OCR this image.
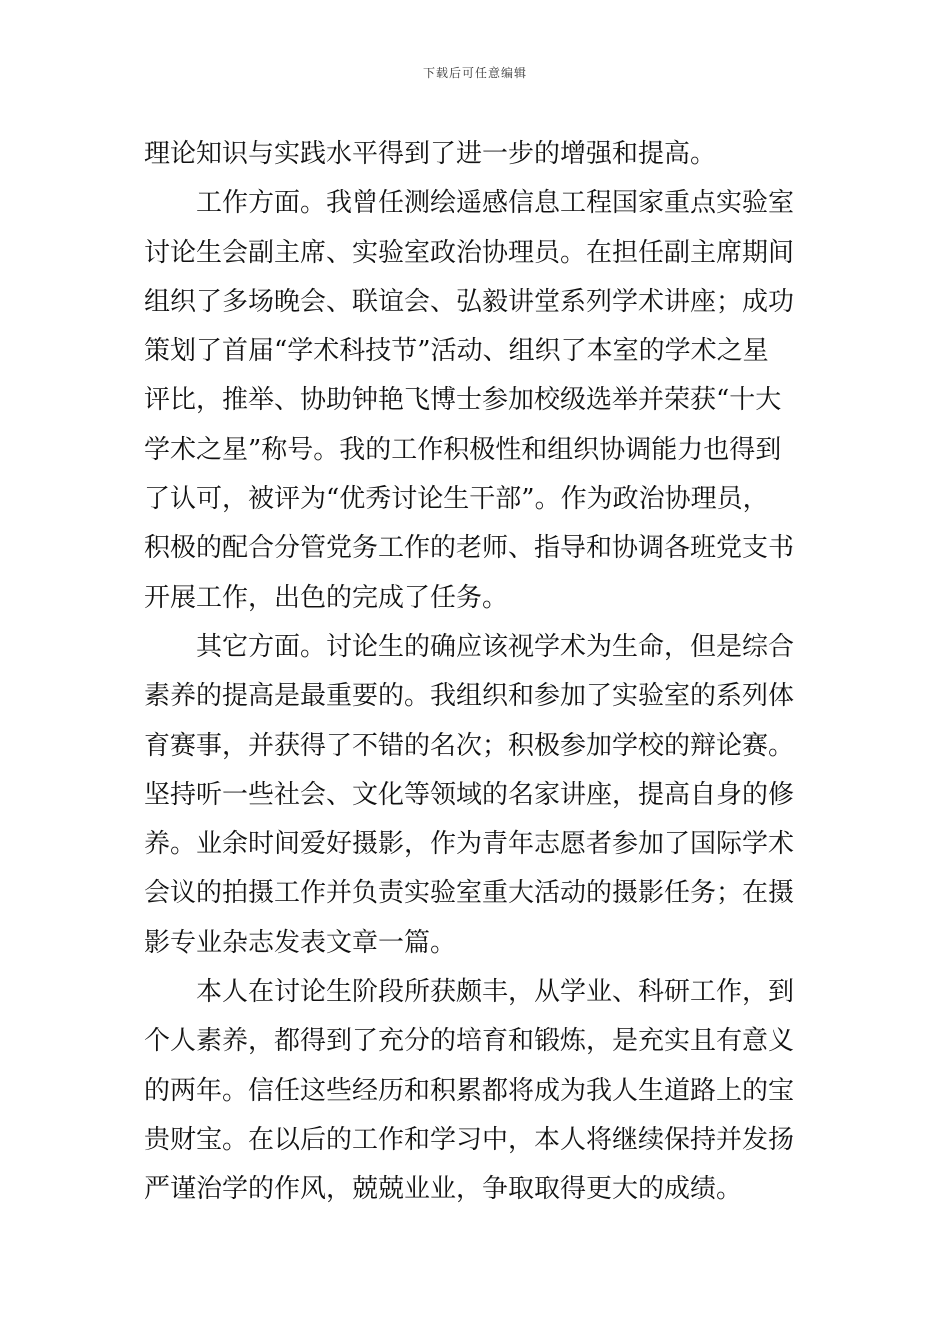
下载后可任意编辑
理论知识与实践水平得到了进一步的增强和提高。
　　工作方面。我曾任测绘遥感信息工程国家重点实验室
讨论生会副主席、实验室政治协理员。在担任副主席期间
组织了多场晚会、联谊会、弘毅讲堂系列学术讲座；成功
策划了首届“学术科技节”活动、组织了本室的学术之星
评比，推举、协助钟艳飞博士参加校级选举并荣获“十大
学术之星”称号。我的工作积极性和组织协调能力也得到
了认可，被评为“优秀讨论生干部”。作为政治协理员，
积极的配合分管党务工作的老师、指导和协调各班党支书
开展工作，出色的完成了任务。
　　其它方面。讨论生的确应该视学术为生命，但是综合
素养的提高是最重要的。我组织和参加了实验室的系列体
育赛事，并获得了不错的名次；积极参加学校的辩论赛。
坚持听一些社会、文化等领域的名家讲座，提高自身的修
养。业余时间爱好摄影，作为青年志愿者参加了国际学术
会议的拍摄工作并负责实验室重大活动的摄影任务；在摄
影专业杂志发表文章一篇。
　　本人在讨论生阶段所获颇丰，从学业、科研工作，到
个人素养，都得到了充分的培育和锻炼，是充实且有意义
的两年。信任这些经历和积累都将成为我人生道路上的宝
贵财宝。在以后的工作和学习中，本人将继续保持并发扬
严谨治学的作风，兢兢业业，争取取得更大的成绩。
